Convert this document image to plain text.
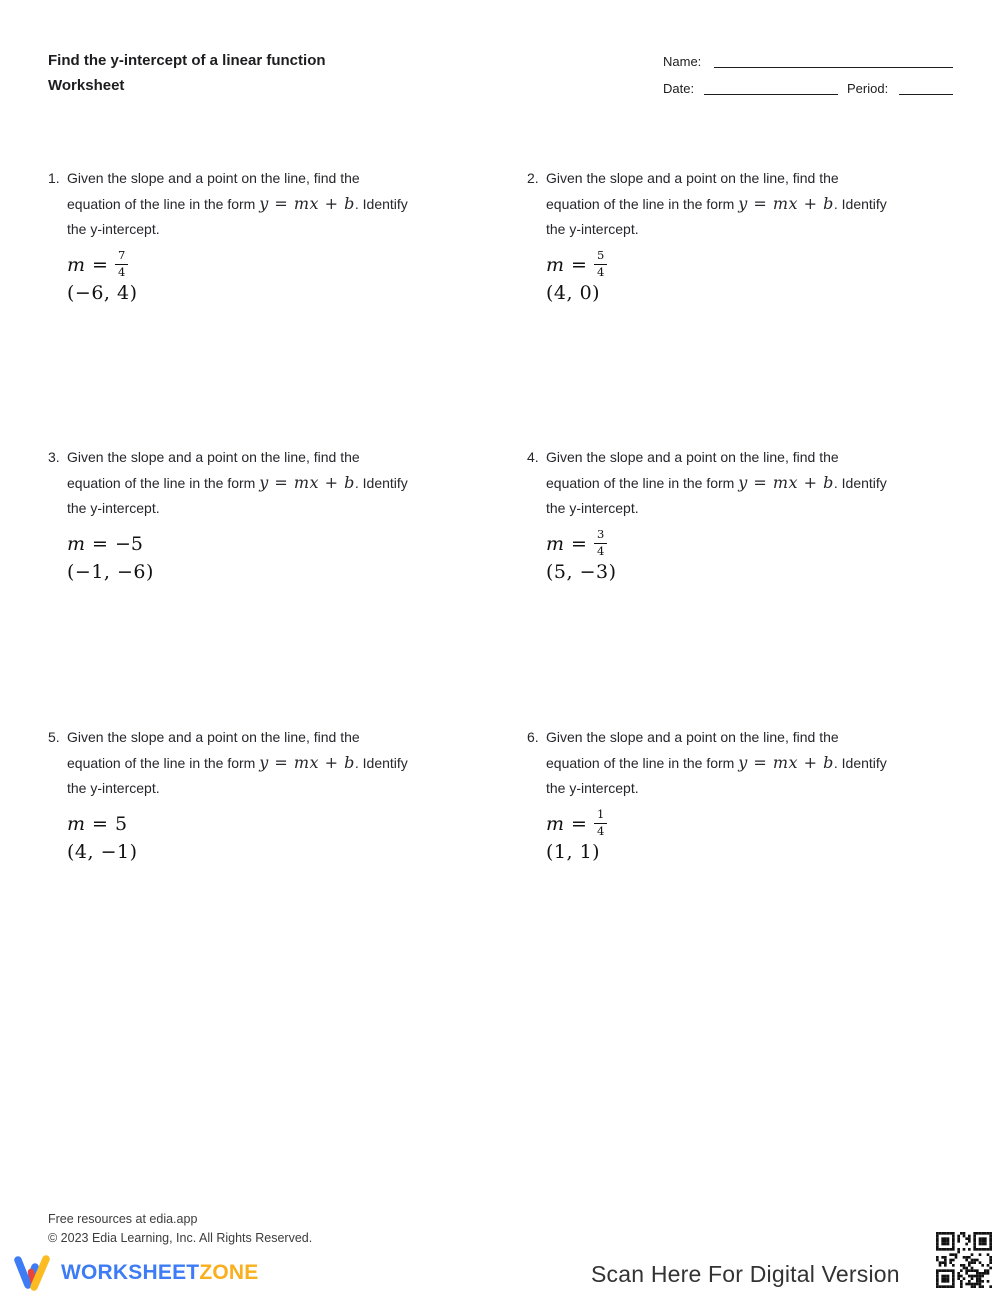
Find the y-intercept of a linear function
Worksheet
Name:
Date:	Period:
1. Given the slope and a point on the line, find the
equation of the line in the form y = mx + b. Identify
the y-intercept.
$m = \frac{7}{4}$
(−6, 4)
2. Given the slope and a point on the line, find the
equation of the line in the form y = mx + b. Identify
the y-intercept.
$m = \frac{5}{4}$
(4, 0)
3. Given the slope and a point on the line, find the
equation of the line in the form y = mx + b. Identify
the y-intercept.
m = −5
(−1, −6)
4. Given the slope and a point on the line, find the
equation of the line in the form y = mx + b. Identify
the y-intercept.
$m = \frac{3}{4}$
(5, −3)
5. Given the slope and a point on the line, find the
equation of the line in the form y = mx + b. Identify
the y-intercept.
m = 5
(4, −1)
6. Given the slope and a point on the line, find the
equation of the line in the form y = mx + b. Identify
the y-intercept.
$m = \frac{1}{4}$
(1, 1)
Free resources at edia.app
© 2023 Edia Learning, Inc. All Rights Reserved.
WORKSHEETZONE	Scan Here For Digital Version
